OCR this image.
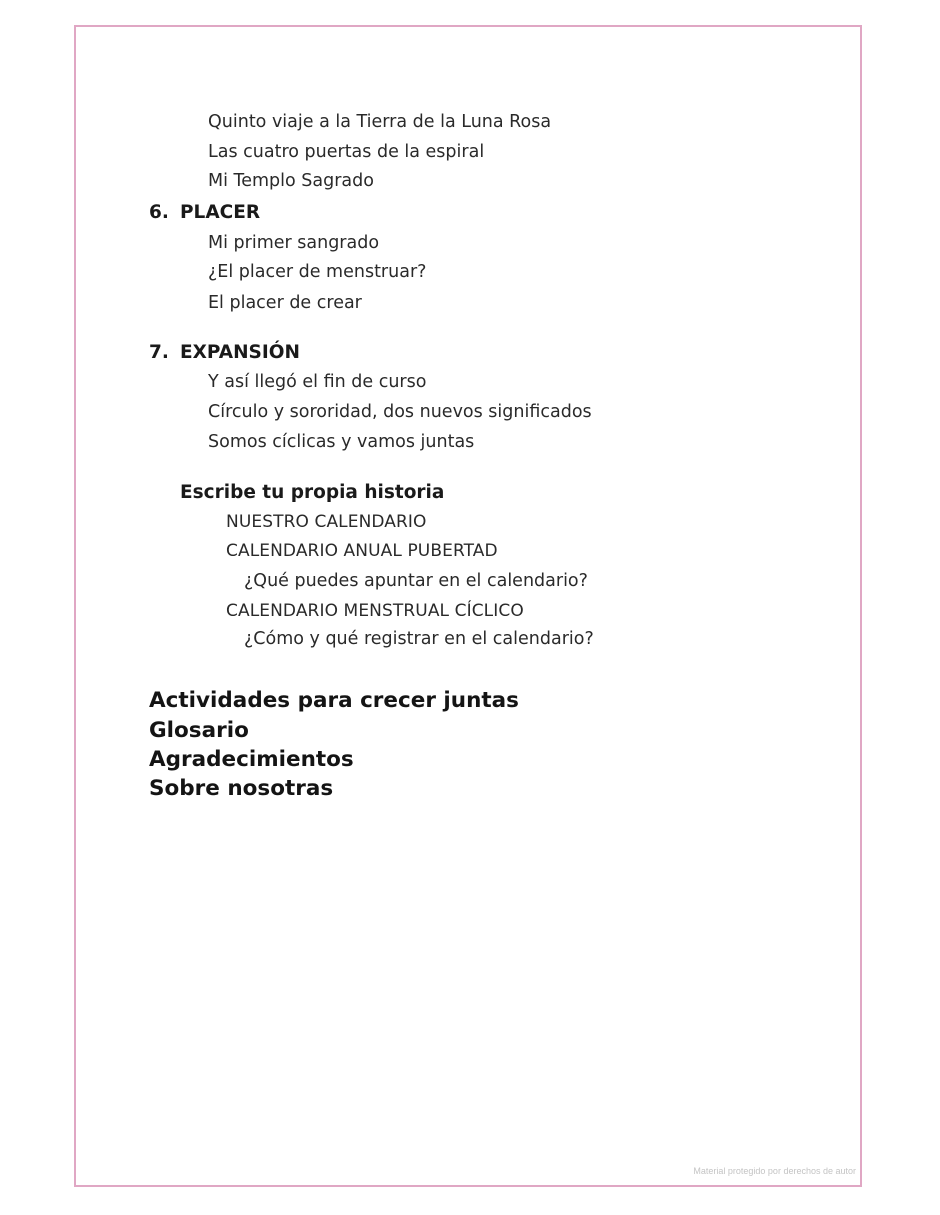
Quinto viaje a la Tierra de la Luna Rosa
Las cuatro puertas de la espiral
Mi Templo Sagrado
6. PLACER
Mi primer sangrado
¿El placer de menstruar?
El placer de crear
7. EXPANSIÓN
Y así llegó el fin de curso
Círculo y sororidad, dos nuevos significados
Somos cíclicas y vamos juntas
Escribe tu propia historia
NUESTRO CALENDARIO
CALENDARIO ANUAL PUBERTAD
¿Qué puedes apuntar en el calendario?
CALENDARIO MENSTRUAL CÍCLICO
¿Cómo y qué registrar en el calendario?
Actividades para crecer juntas
Glosario
Agradecimientos
Sobre nosotras
Material protegido por derechos de autor
